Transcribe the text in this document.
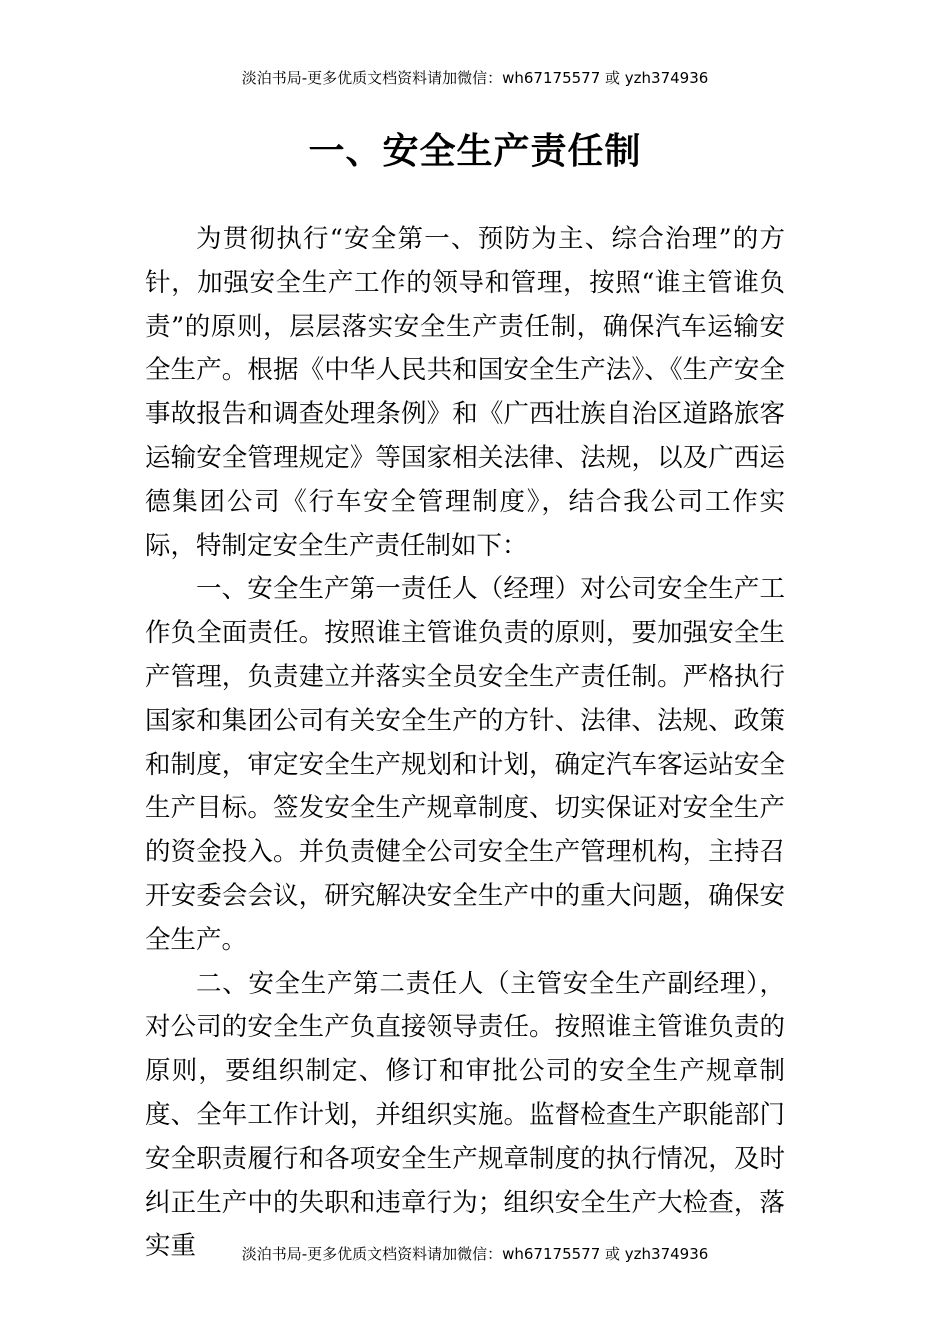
淡泊书局-更多优质文档资料请加微信：wh67175577 或 yzh374936
一、安全生产责任制

为贯彻执行“安全第一、预防为主、综合治理”的方针，加强安全生产工作的领导和管理，按照“谁主管谁负责”的原则，层层落实安全生产责任制，确保汽车运输安全生产。根据《中华人民共和国安全生产法》、《生产安全事故报告和调查处理条例》和《广西壮族自治区道路旅客运输安全管理规定》等国家相关法律、法规，以及广西运德集团公司《行车安全管理制度》，结合我公司工作实际，特制定安全生产责任制如下：

一、安全生产第一责任人（经理）对公司安全生产工作负全面责任。按照谁主管谁负责的原则，要加强安全生产管理，负责建立并落实全员安全生产责任制。严格执行国家和集团公司有关安全生产的方针、法律、法规、政策和制度，审定安全生产规划和计划，确定汽车客运站安全生产目标。签发安全生产规章制度、切实保证对安全生产的资金投入。并负责健全公司安全生产管理机构，主持召开安委会会议，研究解决安全生产中的重大问题，确保安全生产。

二、安全生产第二责任人（主管安全生产副经理），对公司的安全生产负直接领导责任。按照谁主管谁负责的原则，要组织制定、修订和审批公司的安全生产规章制度、全年工作计划，并组织实施。监督检查生产职能部门安全职责履行和各项安全生产规章制度的执行情况，及时纠正生产中的失职和违章行为；组织安全生产大检查，落实重	淡泊书局-更多优质文档资料请加微信：wh67175577 或 yzh374936
